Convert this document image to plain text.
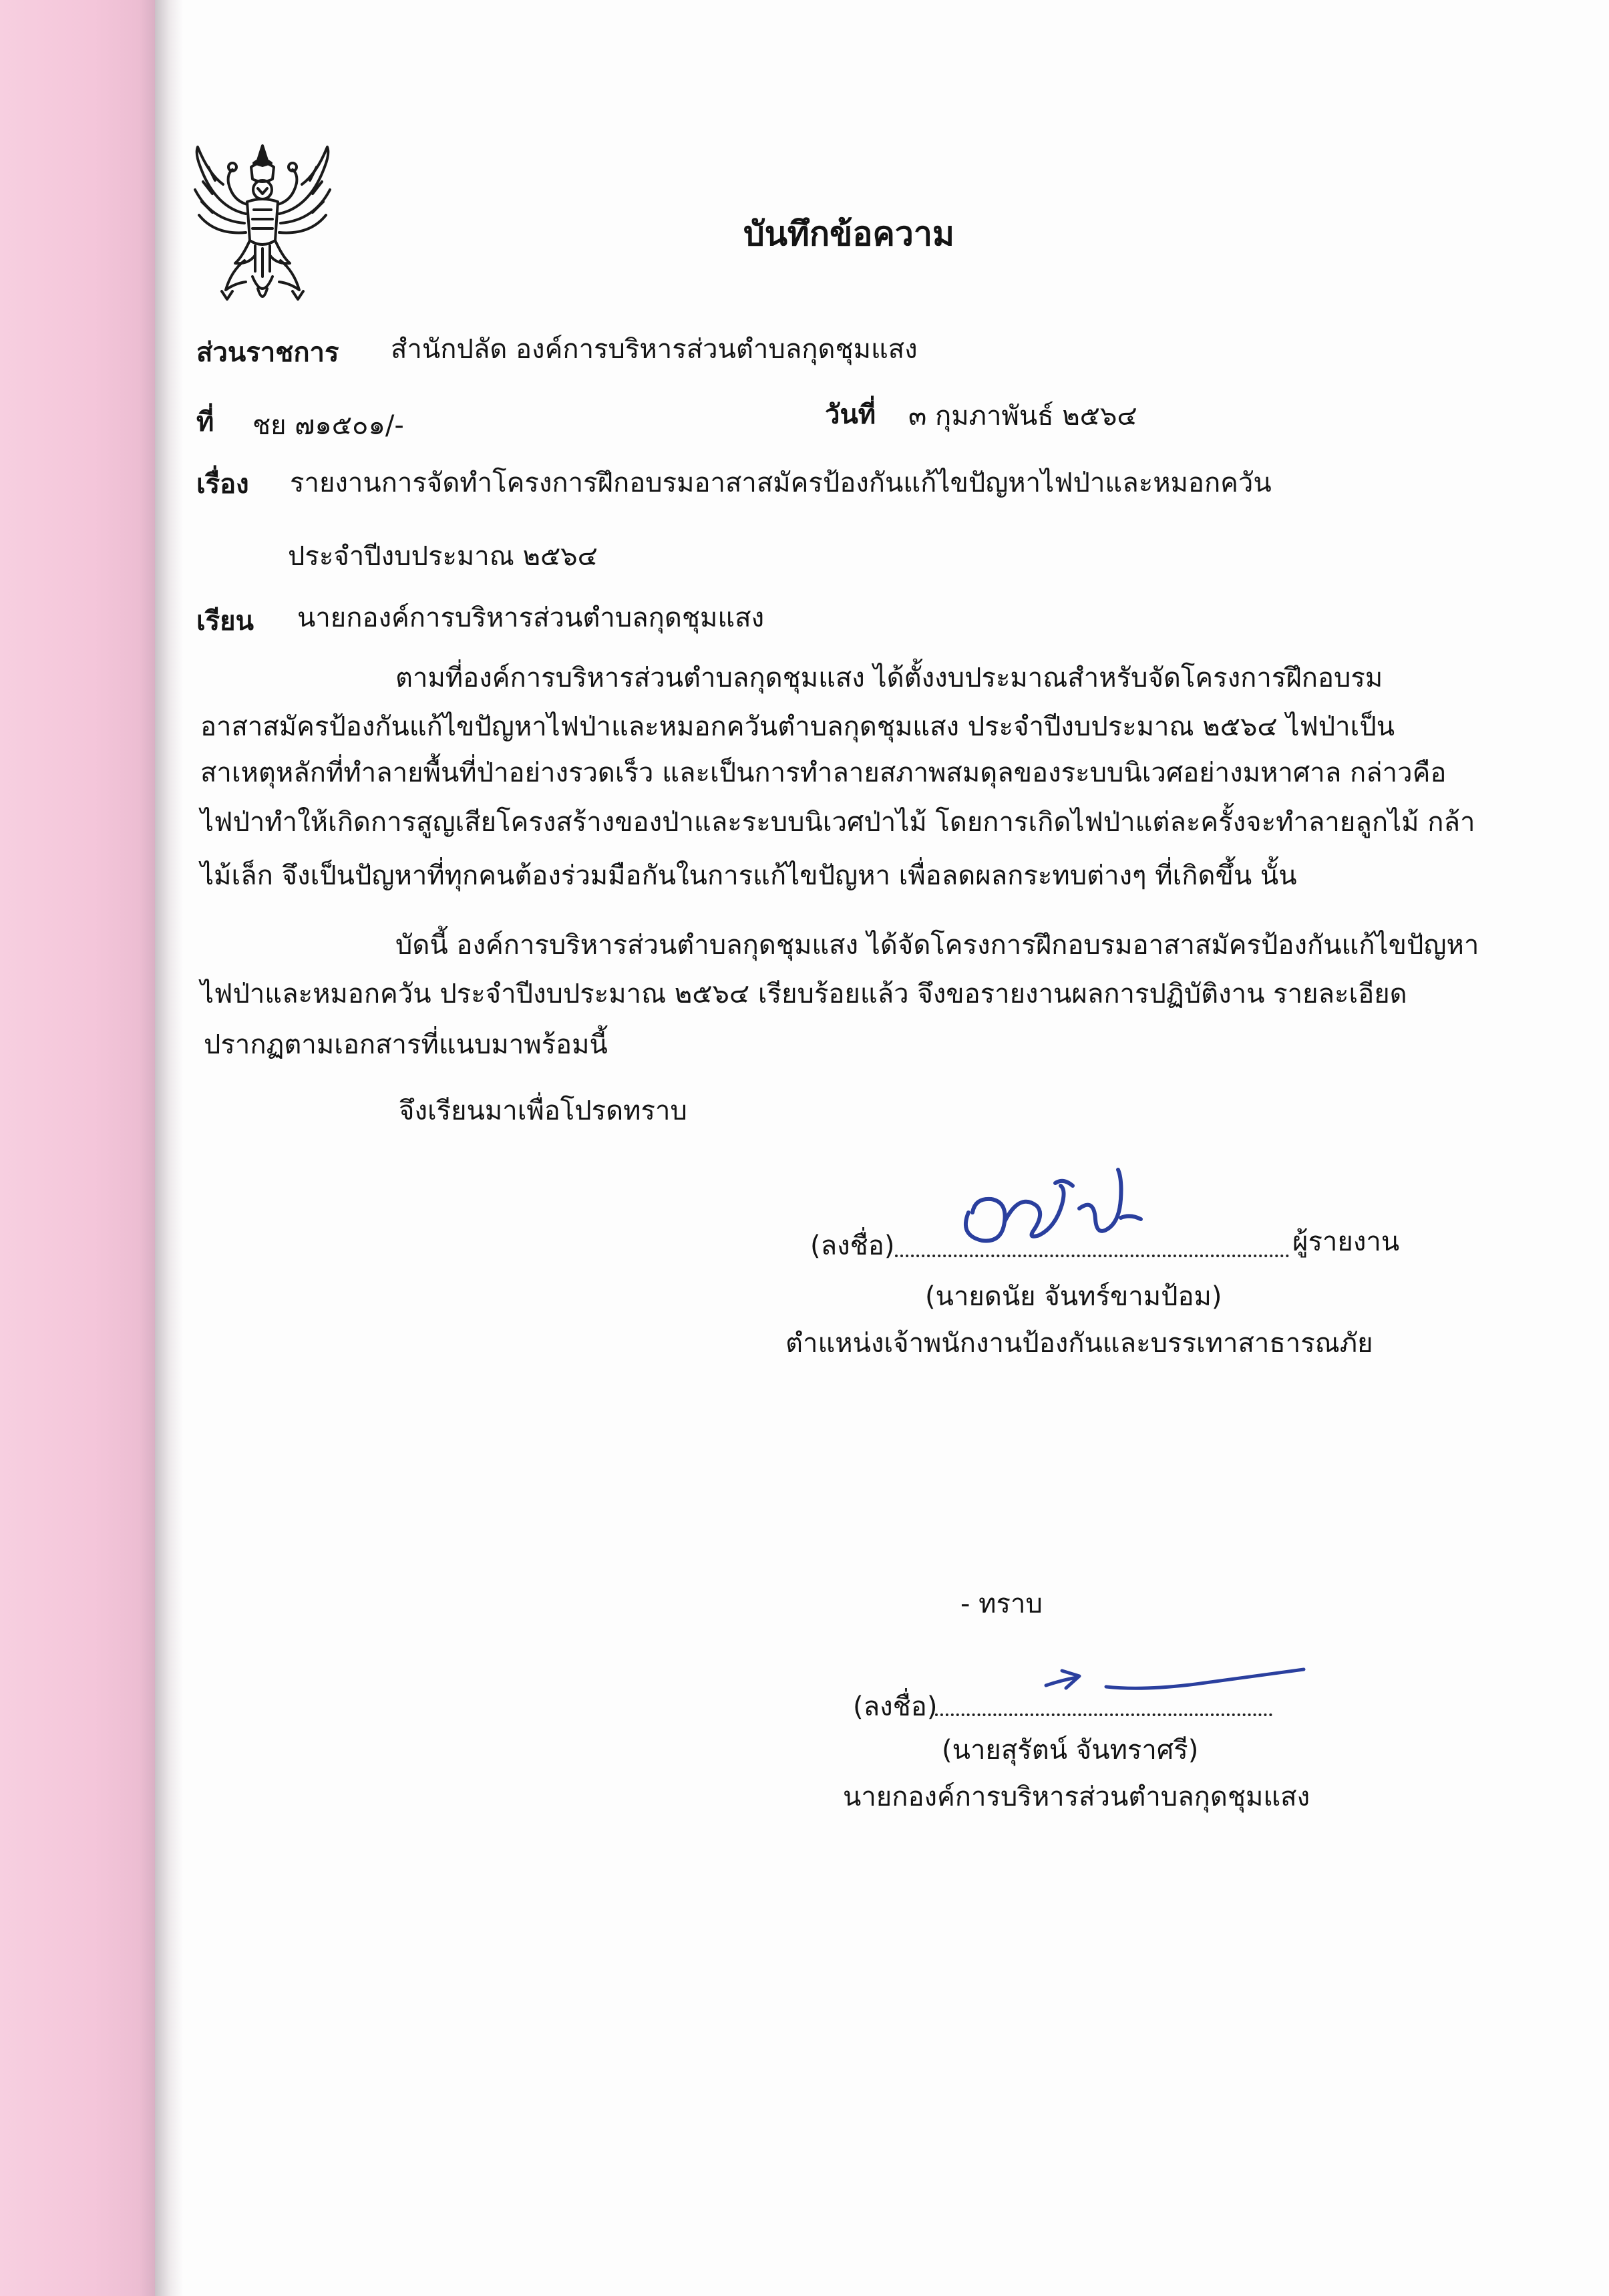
บันทึกข้อความ
ส่วนราชการ สำนักปลัด องค์การบริหารส่วนตำบลกุดชุมแสง
ที่ ชย ๗๑๕๐๑/-	วันที่ ๓ กุมภาพันธ์ ๒๕๖๔
เรื่อง รายงานการจัดทำโครงการฝึกอบรมอาสาสมัครป้องกันแก้ไขปัญหาไฟป่าและหมอกควัน
ประจำปีงบประมาณ ๒๕๖๔
เรียน นายกองค์การบริหารส่วนตำบลกุดชุมแสง
ตามที่องค์การบริหารส่วนตำบลกุดชุมแสง ได้ตั้งงบประมาณสำหรับจัดโครงการฝึกอบรม
อาสาสมัครป้องกันแก้ไขปัญหาไฟป่าและหมอกควันตำบลกุดชุมแสง ประจำปีงบประมาณ ๒๕๖๔ ไฟป่าเป็น
สาเหตุหลักที่ทำลายพื้นที่ป่าอย่างรวดเร็ว และเป็นการทำลายสภาพสมดุลของระบบนิเวศอย่างมหาศาล กล่าวคือ
ไฟป่าทำให้เกิดการสูญเสียโครงสร้างของป่าและระบบนิเวศป่าไม้ โดยการเกิดไฟป่าแต่ละครั้งจะทำลายลูกไม้ กล้า
ไม้เล็ก จึงเป็นปัญหาที่ทุกคนต้องร่วมมือกันในการแก้ไขปัญหา เพื่อลดผลกระทบต่างๆ ที่เกิดขึ้น นั้น
บัดนี้ องค์การบริหารส่วนตำบลกุดชุมแสง ได้จัดโครงการฝึกอบรมอาสาสมัครป้องกันแก้ไขปัญหา
ไฟป่าและหมอกควัน ประจำปีงบประมาณ ๒๕๖๔ เรียบร้อยแล้ว จึงขอรายงานผลการปฏิบัติงาน รายละเอียด
ปรากฏตามเอกสารที่แนบมาพร้อมนี้
จึงเรียนมาเพื่อโปรดทราบ
(ลงชื่อ)	ผู้รายงาน
(นายดนัย จันทร์ขามป้อม)
ตำแหน่งเจ้าพนักงานป้องกันและบรรเทาสาธารณภัย
- ทราบ
(ลงชื่อ)
(นายสุรัตน์ จันทราศรี)
นายกองค์การบริหารส่วนตำบลกุดชุมแสง
